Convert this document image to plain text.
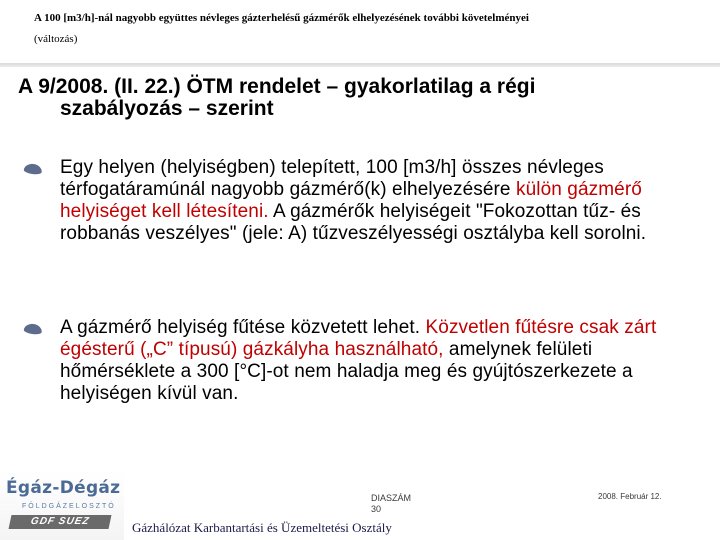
A 100 [m3/h]-nál nagyobb együttes névleges gázterhelésű gázmérők elhelyezésének további követelményei
(változás)
A 9/2008. (II. 22.) ÖTM rendelet – gyakorlatilag a régi
szabályozás – szerint
Egy helyen (helyiségben) telepített, 100 [m3/h] összes névleges térfogatáramúnál nagyobb gázmérő(k) elhelyezésére külön gázmérő helyiséget kell létesíteni. A gázmérők helyiségeit "Fokozottan tűz- és robbanás veszélyes" (jele: A) tűzveszélyességi osztályba kell sorolni.
A gázmérő helyiség fűtése közvetett lehet. Közvetlen fűtésre csak zárt égésterű („C” típusú) gázkályha használható, amelynek felületi hőmérséklete a 300 [°C]-ot nem haladja meg és gyújtószerkezete a helyiségen kívül van.
Égáz-Dégáz
FÖLDGÁZELOSZTÓ
GDF SUEZ
DIASZÁM
30
2008. Február 12.
Gázhálózat Karbantartási és Üzemeltetési Osztály
